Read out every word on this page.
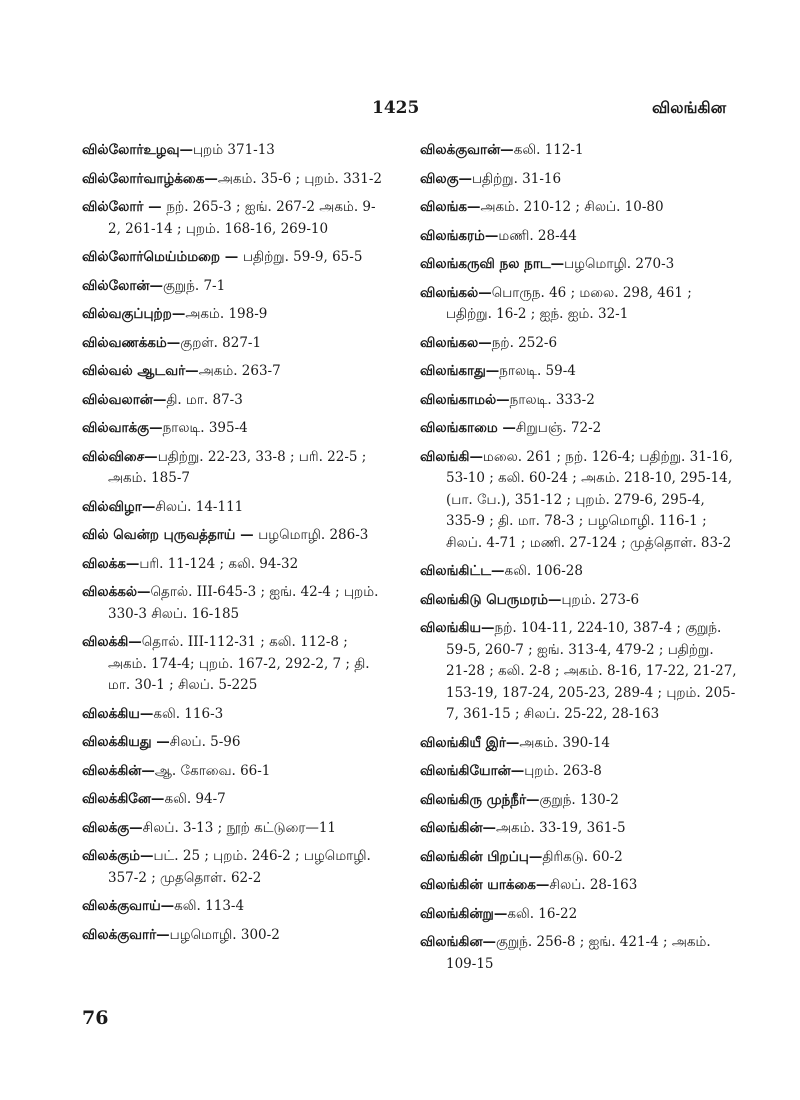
1425	விலங்கின
வில்லோர்உழவு—புறம் 371-13
வில்லோர்வாழ்க்கை—அகம். 35-6 ; புறம். 331-2
வில்லோர் — நற். 265-3 ; ஐங். 267-2 அகம். 9-2, 261-14 ; புறம். 168-16, 269-10
வில்லோர்மெய்ம்மறை — பதிற்று. 59-9, 65-5
வில்லோன்—குறுந். 7-1
வில்வகுப்புற்ற—அகம். 198-9
வில்வணக்கம்—குறள். 827-1
வில்வல் ஆடவர்—அகம். 263-7
வில்வலான்—தி. மா. 87-3
வில்வாக்கு—நாலடி. 395-4
வில்விசை—பதிற்று. 22-23, 33-8 ; பரி. 22-5 ; அகம். 185-7
வில்விழா—சிலப். 14-111
வில் வென்ற புருவத்தாய் — பழமொழி. 286-3
விலக்க—பரி. 11-124 ; கலி. 94-32
விலக்கல்—தொல். III-645-3 ; ஐங். 42-4 ; புறம். 330-3 சிலப். 16-185
விலக்கி—தொல். III-112-31 ; கலி. 112-8 ; அகம். 174-4; புறம். 167-2, 292-2, 7 ; தி. மா. 30-1 ; சிலப். 5-225
விலக்கிய—கலி. 116-3
விலக்கியது —சிலப். 5-96
விலக்கின்—ஆ. கோவை. 66-1
விலக்கினே—கலி. 94-7
விலக்கு—சிலப். 3-13 ; நூற் கட்டுரை—11
விலக்கும்—பட். 25 ; புறம். 246-2 ; பழமொழி. 357-2 ; முததொள். 62-2
விலக்குவாய்—கலி. 113-4
விலக்குவார்—பழமொழி. 300-2
விலக்குவான்—கலி. 112-1
விலகு—பதிற்று. 31-16
விலங்க—அகம். 210-12 ; சிலப். 10-80
விலங்கரம்—மணி. 28-44
விலங்கருவி நல நாட—பழமொழி. 270-3
விலங்கல்—பொருந. 46 ; மலை. 298, 461 ; பதிற்று. 16-2 ; ஐந். ஐம். 32-1
விலங்கல—நற். 252-6
விலங்காது—நாலடி. 59-4
விலங்காமல்—நாலடி. 333-2
விலங்காமை —சிறுபஞ். 72-2
விலங்கி—மலை. 261 ; நற். 126-4; பதிற்று. 31-16, 53-10 ; கலி. 60-24 ; அகம். 218-10, 295-14, (பா. பே.), 351-12 ; புறம். 279-6, 295-4, 335-9 ; தி. மா. 78-3 ; பழமொழி. 116-1 ; சிலப். 4-71 ; மணி. 27-124 ; முத்தொள். 83-2
விலங்கிட்ட—கலி. 106-28
விலங்கிடு பெருமரம்—புறம். 273-6
விலங்கிய—நற். 104-11, 224-10, 387-4 ; குறுந். 59-5, 260-7 ; ஐங். 313-4, 479-2 ; பதிற்று. 21-28 ; கலி. 2-8 ; அகம். 8-16, 17-22, 21-27, 153-19, 187-24, 205-23, 289-4 ; புறம். 205-7, 361-15 ; சிலப். 25-22, 28-163
விலங்கியீ இர்—அகம். 390-14
விலங்கியோன்—புறம். 263-8
விலங்கிரு முந்நீர்—குறுந். 130-2
விலங்கின்—அகம். 33-19, 361-5
விலங்கின் பிறப்பு—திரிகடு. 60-2
விலங்கின் யாக்கை—சிலப். 28-163
விலங்கின்று—கலி. 16-22
விலங்கின—குறுந். 256-8 ; ஐங். 421-4 ; அகம். 109-15
76
